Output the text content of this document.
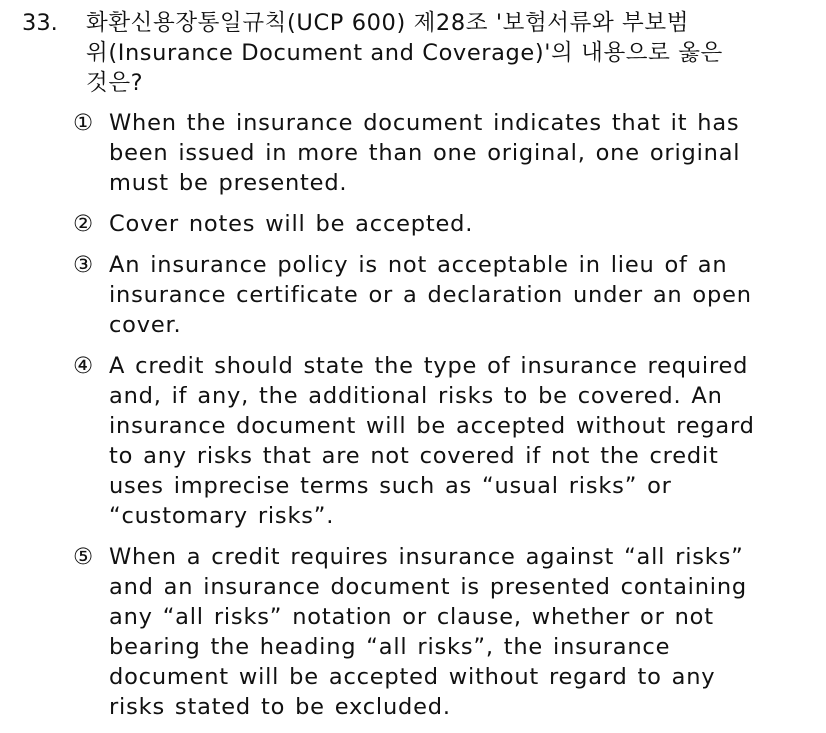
33.	화환신용장통일규칙(UCP 600) 제28조 '보험서류와 부보범
위(Insurance Document and Coverage)'의 내용으로 옳은
것은?
① When the insurance document indicates that it has
been issued in more than one original, one original
must be presented.
② Cover notes will be accepted.
③ An insurance policy is not acceptable in lieu of an
insurance certificate or a declaration under an open
cover.
④ A credit should state the type of insurance required
and, if any, the additional risks to be covered. An
insurance document will be accepted without regard
to any risks that are not covered if not the credit
uses imprecise terms such as “usual risks” or
“customary risks”.
⑤ When a credit requires insurance against “all risks”
and an insurance document is presented containing
any “all risks” notation or clause, whether or not
bearing the heading “all risks”, the insurance
document will be accepted without regard to any
risks stated to be excluded.
